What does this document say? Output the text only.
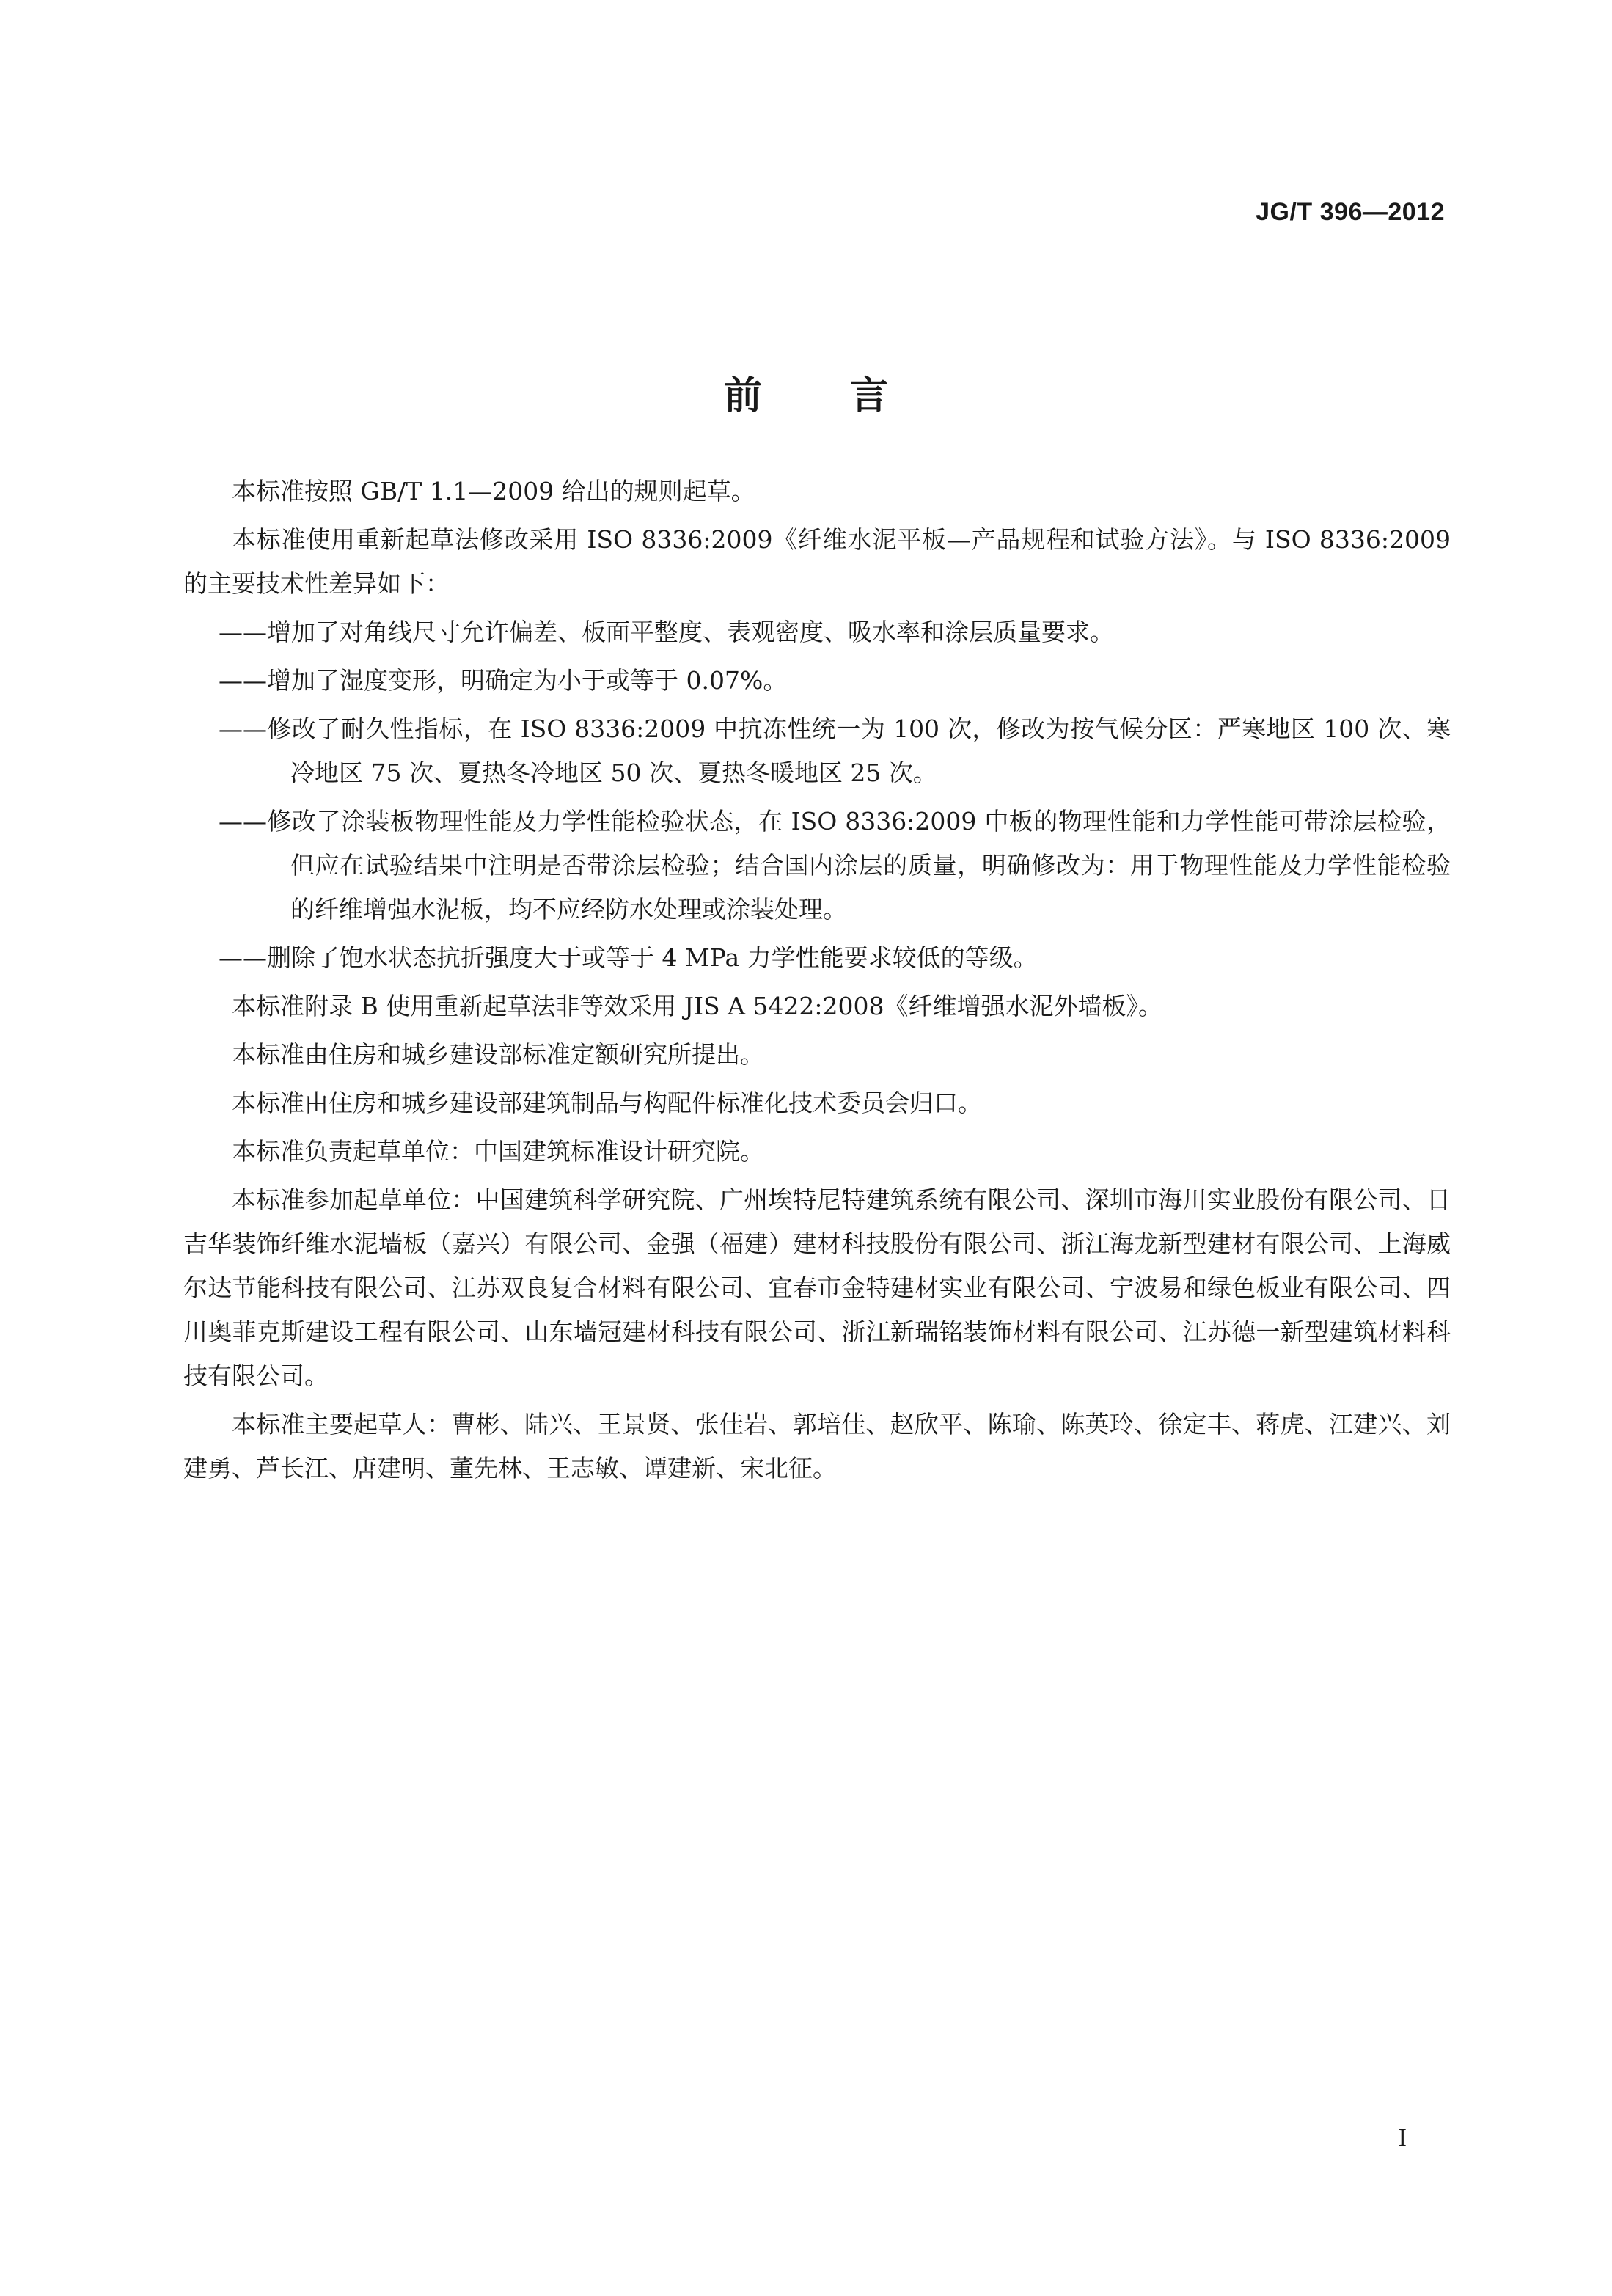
JG/T 396—2012
前言

本标准按照 GB/T 1.1—2009 给出的规则起草。

本标准使用重新起草法修改采用 ISO 8336:2009《纤维水泥平板—产品规程和试验方法》。与 ISO 8336:2009 的主要技术性差异如下：

——增加了对角线尺寸允许偏差、板面平整度、表观密度、吸水率和涂层质量要求。

——增加了湿度变形，明确定为小于或等于 0.07%。

——修改了耐久性指标，在 ISO 8336:2009 中抗冻性统一为 100 次，修改为按气候分区：严寒地区 100 次、寒冷地区 75 次、夏热冬冷地区 50 次、夏热冬暖地区 25 次。

——修改了涂装板物理性能及力学性能检验状态，在 ISO 8336:2009 中板的物理性能和力学性能可带涂层检验，但应在试验结果中注明是否带涂层检验；结合国内涂层的质量，明确修改为：用于物理性能及力学性能检验的纤维增强水泥板，均不应经防水处理或涂装处理。

——删除了饱水状态抗折强度大于或等于 4 MPa 力学性能要求较低的等级。

本标准附录 B 使用重新起草法非等效采用 JIS A 5422:2008《纤维增强水泥外墙板》。

本标准由住房和城乡建设部标准定额研究所提出。

本标准由住房和城乡建设部建筑制品与构配件标准化技术委员会归口。

本标准负责起草单位：中国建筑标准设计研究院。

本标准参加起草单位：中国建筑科学研究院、广州埃特尼特建筑系统有限公司、深圳市海川实业股份有限公司、日吉华装饰纤维水泥墙板（嘉兴）有限公司、金强（福建）建材科技股份有限公司、浙江海龙新型建材有限公司、上海威尔达节能科技有限公司、江苏双良复合材料有限公司、宜春市金特建材实业有限公司、宁波易和绿色板业有限公司、四川奥菲克斯建设工程有限公司、山东墙冠建材科技有限公司、浙江新瑞铭装饰材料有限公司、江苏德一新型建筑材料科技有限公司。

本标准主要起草人：曹彬、陆兴、王景贤、张佳岩、郭培佳、赵欣平、陈瑜、陈英玲、徐定丰、蒋虎、江建兴、刘建勇、芦长江、唐建明、董先林、王志敏、谭建新、宋北征。

I
